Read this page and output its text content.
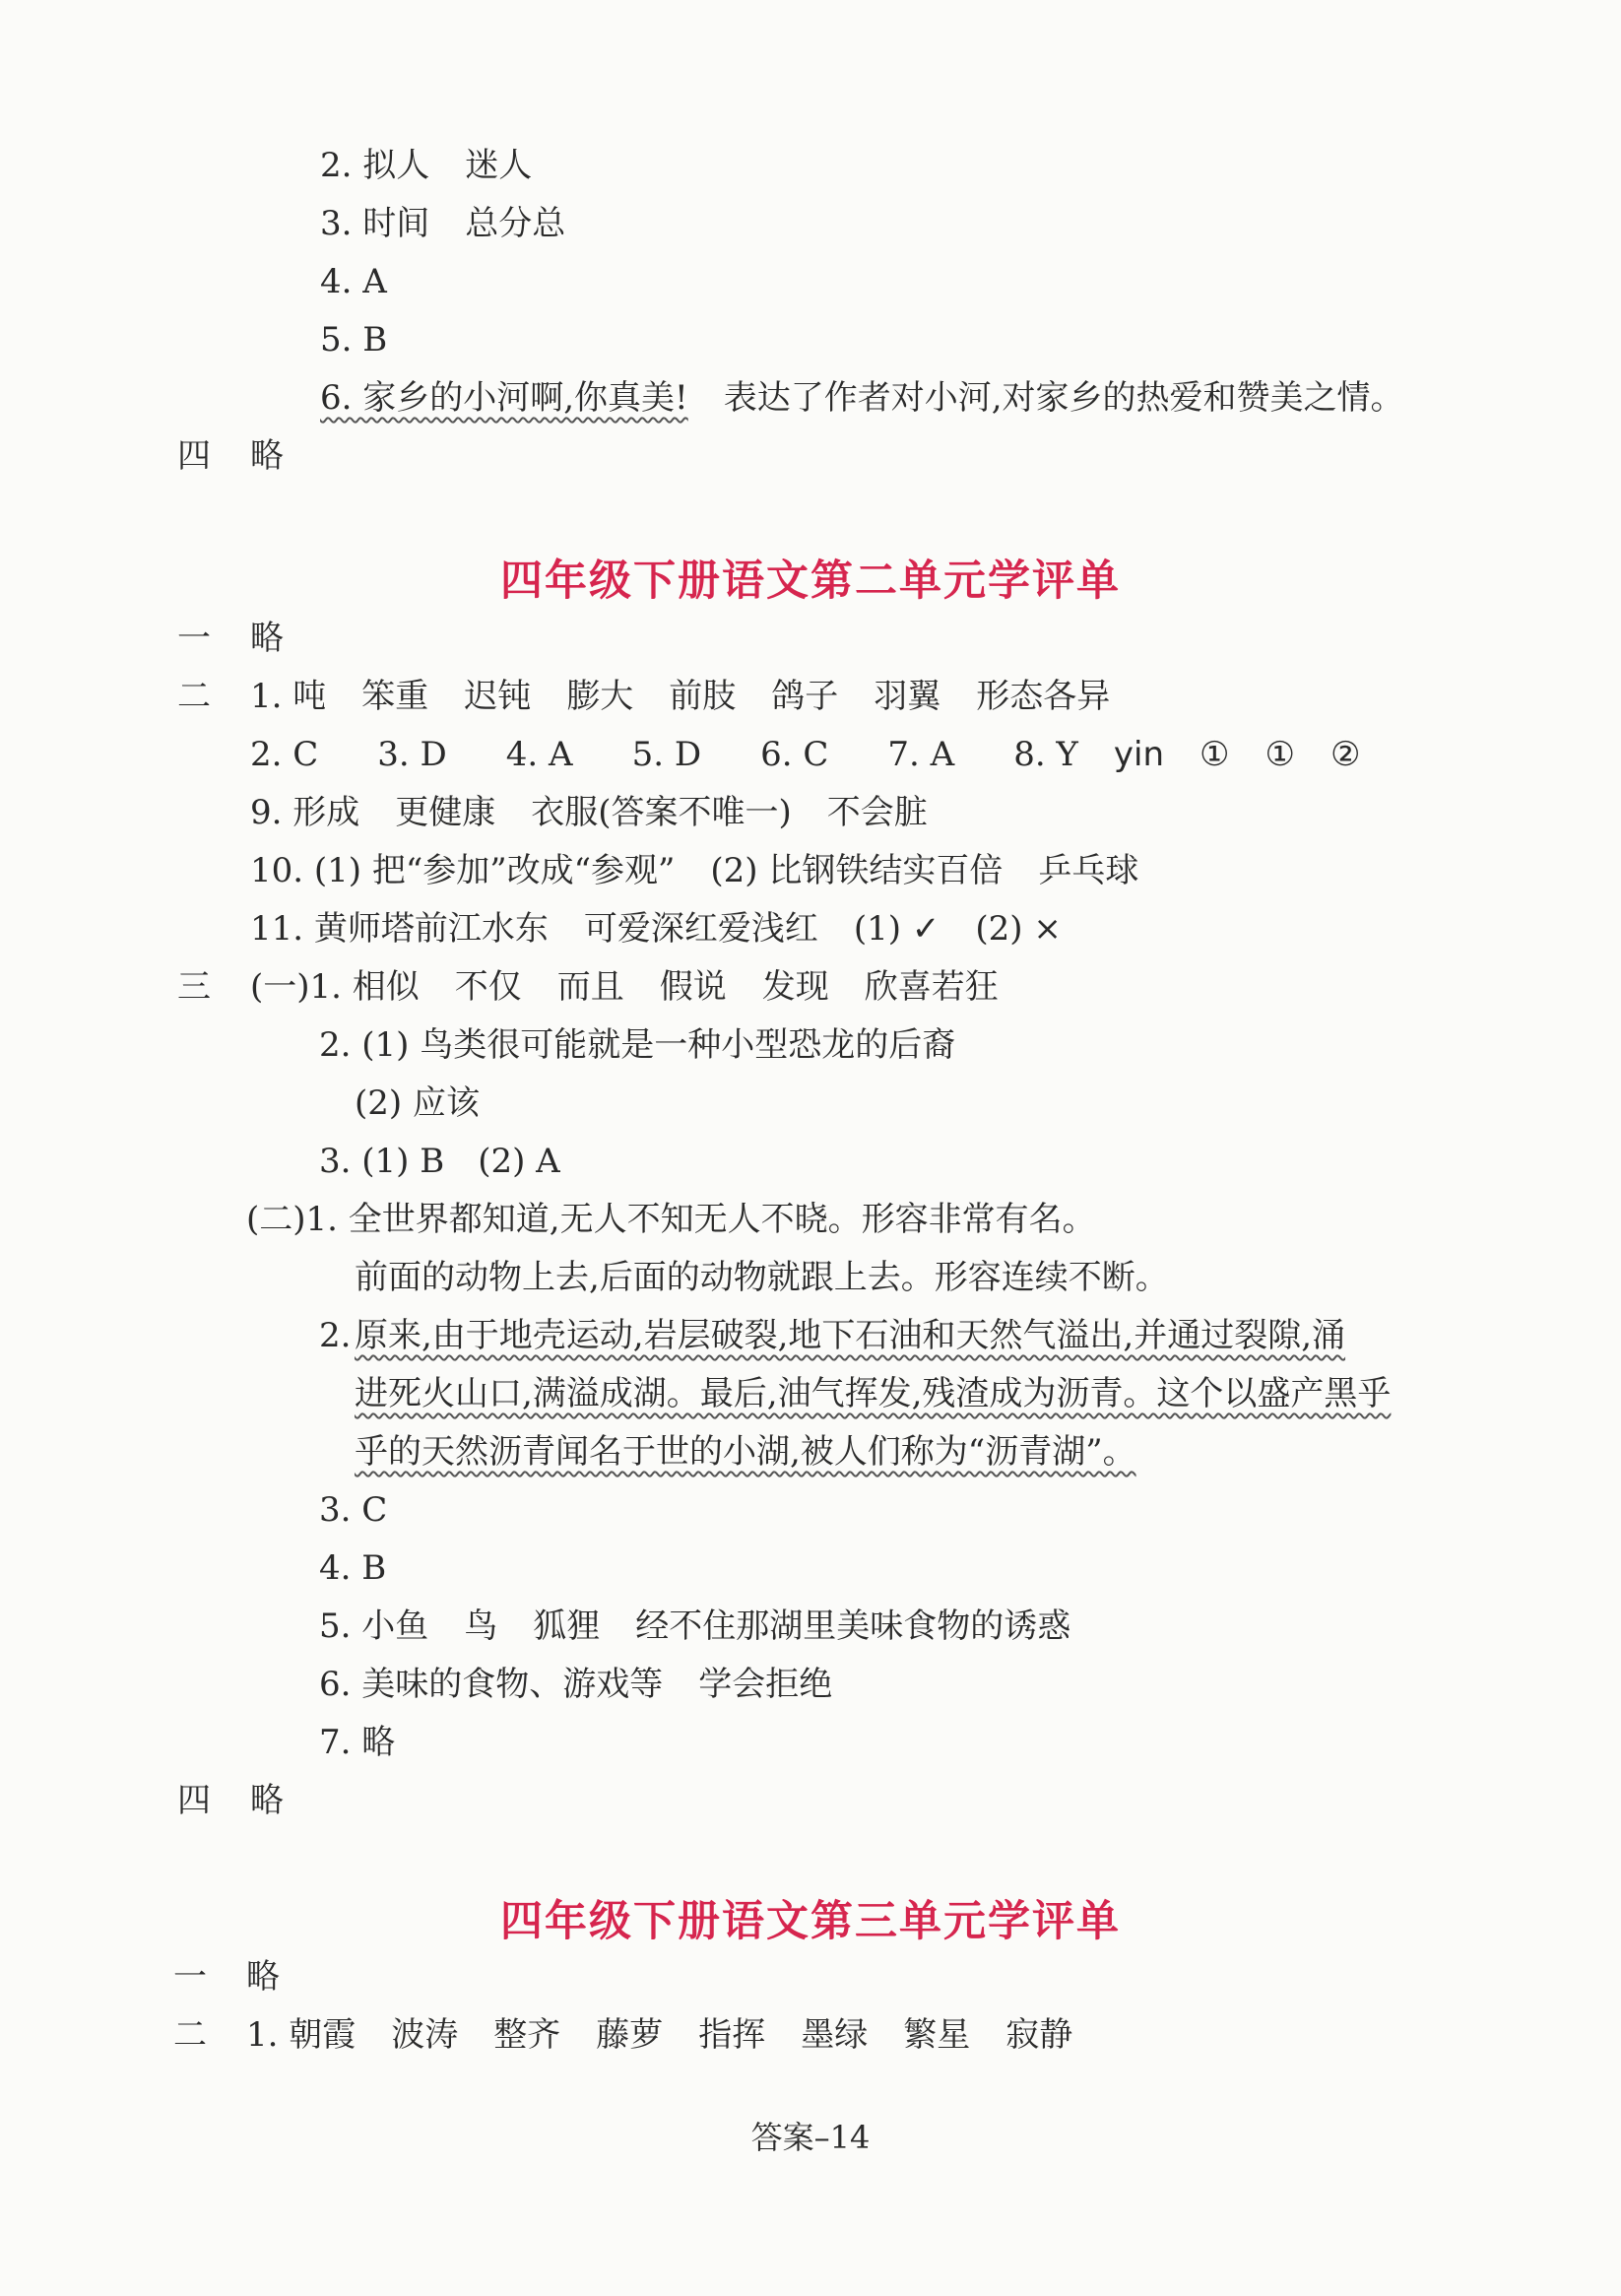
2. 拟人 迷人
3. 时间 总分总
4. A
5. B
6. 家乡的小河啊,你真美! 表达了作者对小河,对家乡的热爱和赞美之情。
四 略
四年级下册语文第二单元学评单
一 略
二 1. 吨 笨重 迟钝 膨大 前肢 鸽子 羽翼 形态各异
2. C 3. D 4. A 5. D 6. C 7. A 8. Y yin ① ① ②
9. 形成 更健康 衣服(答案不唯一) 不会脏
10. (1) 把“参加”改成“参观” (2) 比钢铁结实百倍 乒乓球
11. 黄师塔前江水东 可爱深红爱浅红 (1) ✓ (2) ×
三 (一)1. 相似 不仅 而且 假说 发现 欣喜若狂
2. (1) 鸟类很可能就是一种小型恐龙的后裔
(2) 应该
3. (1) B　(2) A
(二)1. 全世界都知道,无人不知无人不晓。形容非常有名。
前面的动物上去,后面的动物就跟上去。形容连续不断。
2. 原来,由于地壳运动,岩层破裂,地下石油和天然气溢出,并通过裂隙,涌
进死火山口,满溢成湖。最后,油气挥发,残渣成为沥青。这个以盛产黑乎
乎的天然沥青闻名于世的小湖,被人们称为“沥青湖”。
3. C
4. B
5. 小鱼 鸟 狐狸 经不住那湖里美味食物的诱惑
6. 美味的食物、游戏等 学会拒绝
7. 略
四 略
四年级下册语文第三单元学评单
一 略
二 1. 朝霞 波涛 整齐 藤萝 指挥 墨绿 繁星 寂静
答案–14
